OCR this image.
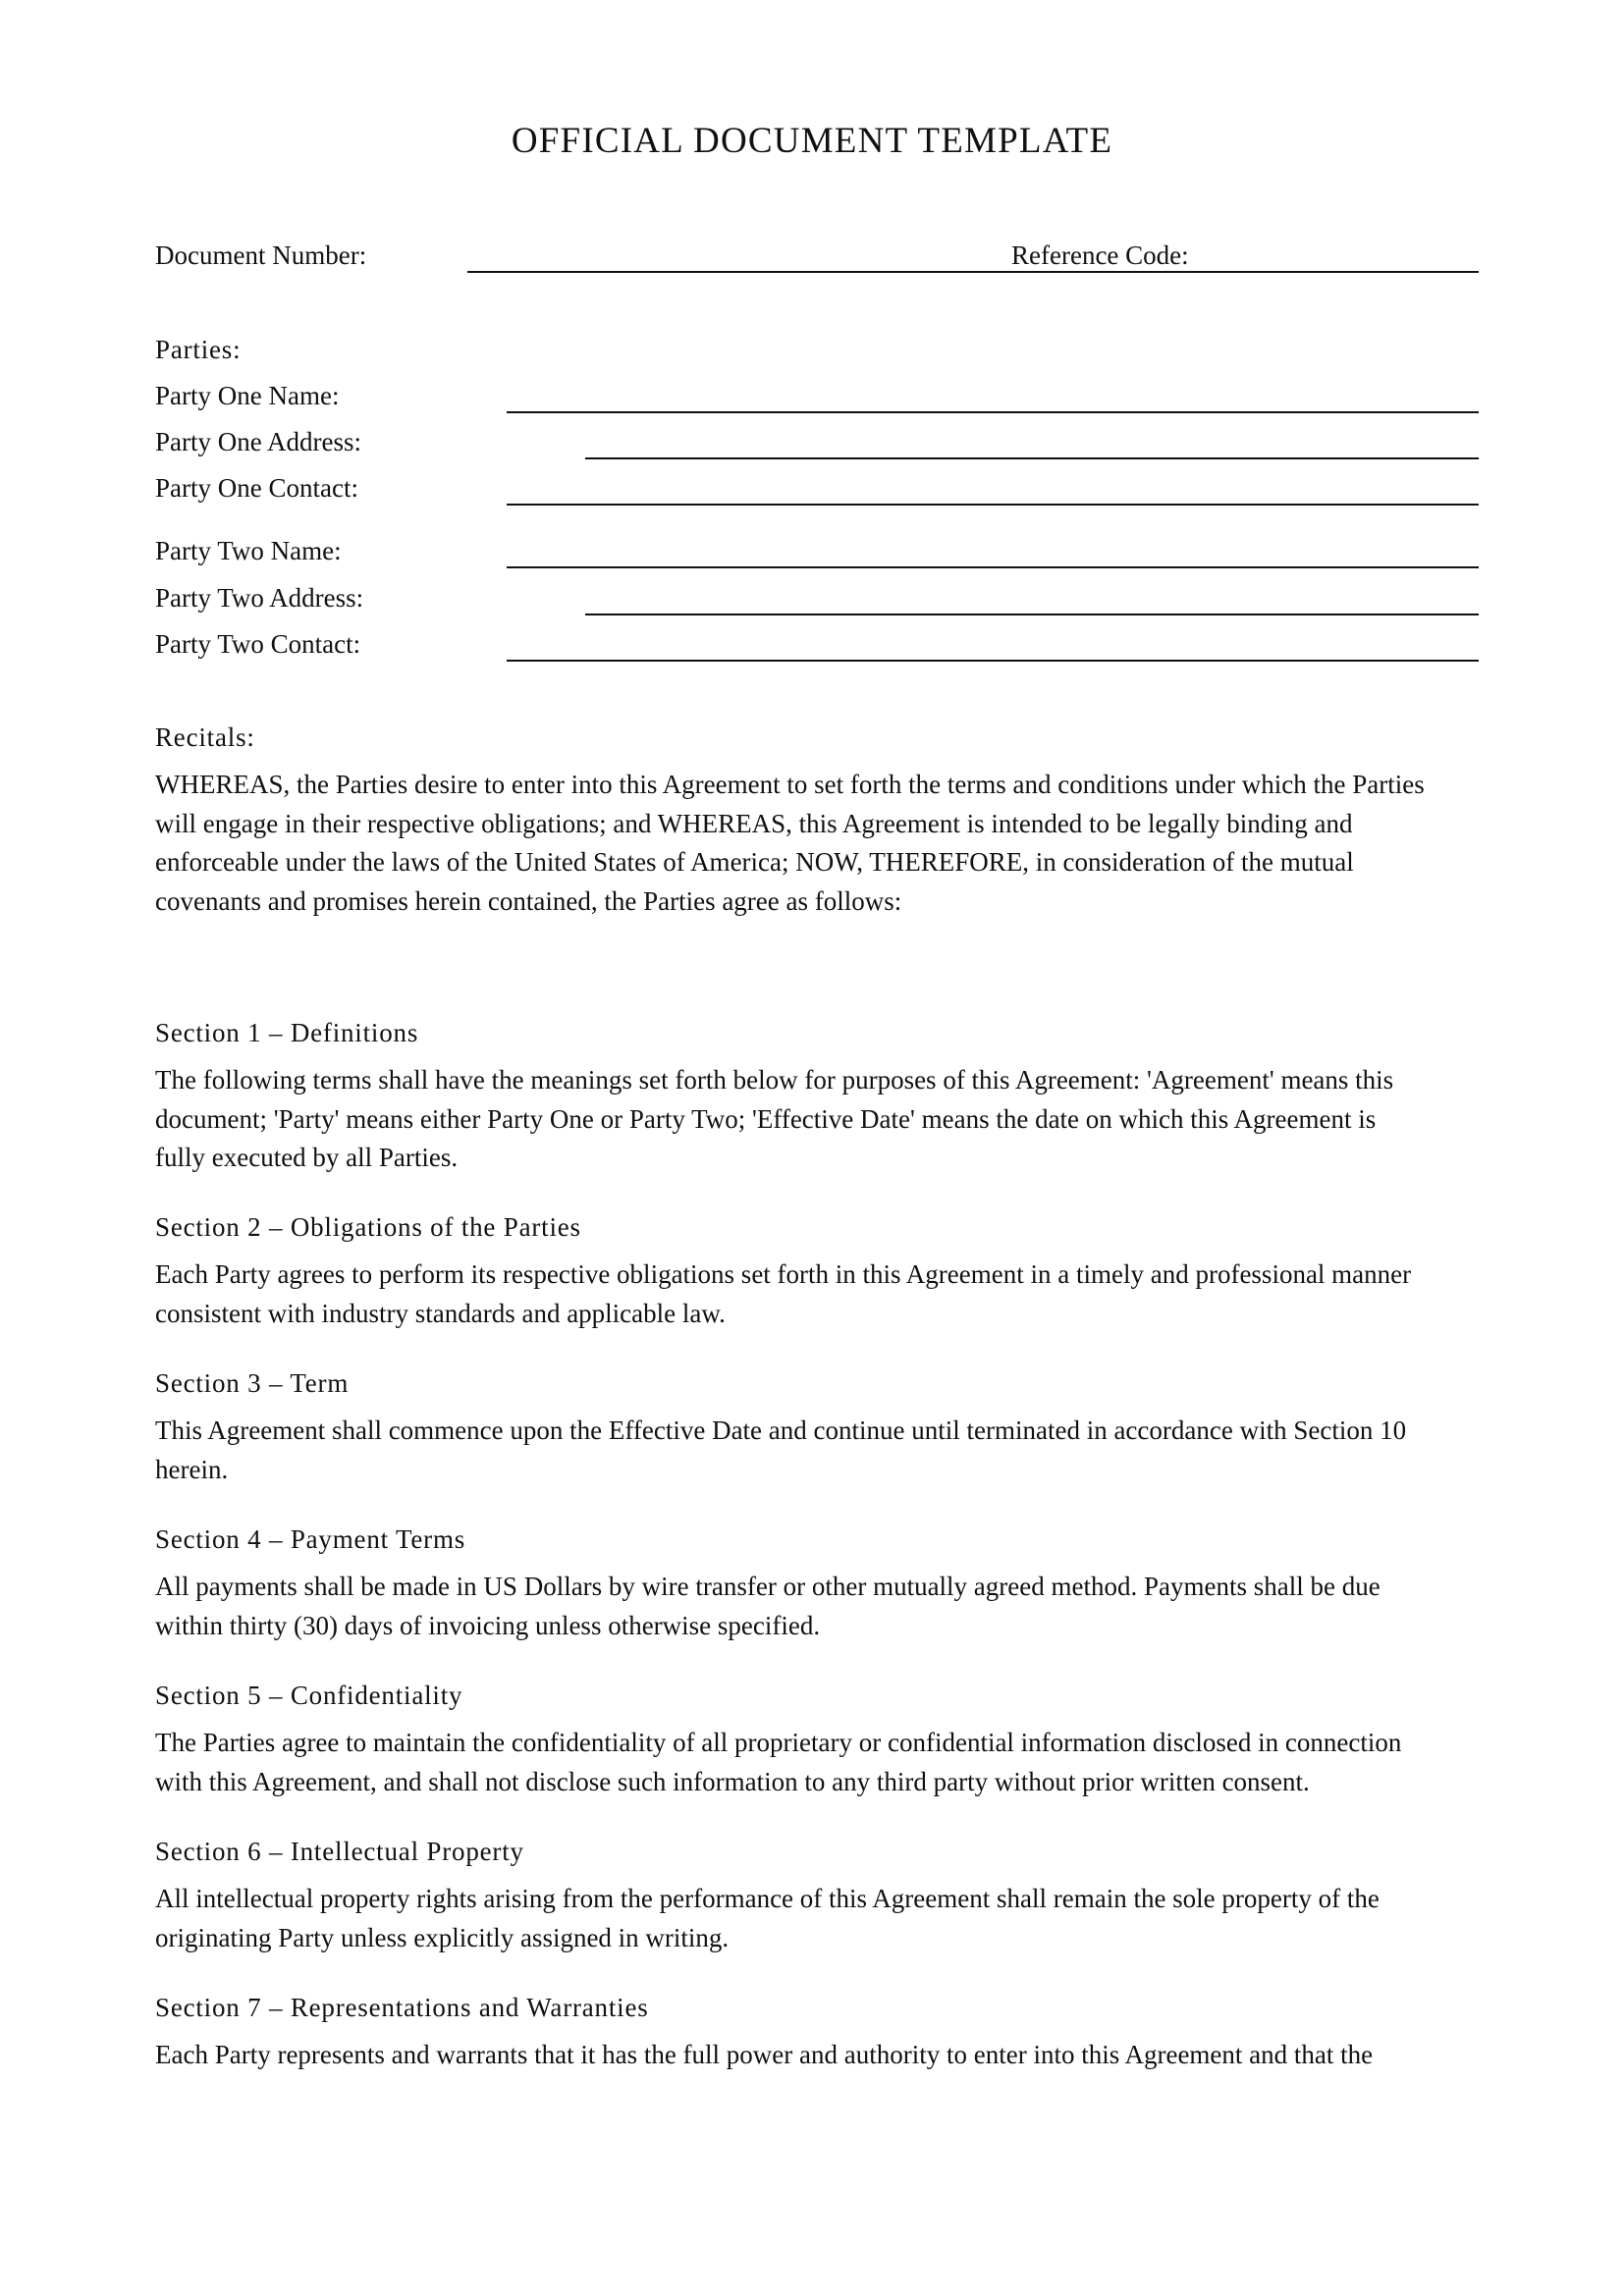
OFFICIAL DOCUMENT TEMPLATE
Document Number:	Reference Code:
Parties:
Party One Name:
Party One Address:
Party One Contact:
Party Two Name:
Party Two Address:
Party Two Contact:
Recitals:
WHEREAS, the Parties desire to enter into this Agreement to set forth the terms and conditions under which the Parties
will engage in their respective obligations; and WHEREAS, this Agreement is intended to be legally binding and
enforceable under the laws of the United States of America; NOW, THEREFORE, in consideration of the mutual
covenants and promises herein contained, the Parties agree as follows:
Section 1 – Definitions
The following terms shall have the meanings set forth below for purposes of this Agreement: 'Agreement' means this
document; 'Party' means either Party One or Party Two; 'Effective Date' means the date on which this Agreement is
fully executed by all Parties.
Section 2 – Obligations of the Parties
Each Party agrees to perform its respective obligations set forth in this Agreement in a timely and professional manner
consistent with industry standards and applicable law.
Section 3 – Term
This Agreement shall commence upon the Effective Date and continue until terminated in accordance with Section 10
herein.
Section 4 – Payment Terms
All payments shall be made in US Dollars by wire transfer or other mutually agreed method. Payments shall be due
within thirty (30) days of invoicing unless otherwise specified.
Section 5 – Confidentiality
The Parties agree to maintain the confidentiality of all proprietary or confidential information disclosed in connection
with this Agreement, and shall not disclose such information to any third party without prior written consent.
Section 6 – Intellectual Property
All intellectual property rights arising from the performance of this Agreement shall remain the sole property of the
originating Party unless explicitly assigned in writing.
Section 7 – Representations and Warranties
Each Party represents and warrants that it has the full power and authority to enter into this Agreement and that the
